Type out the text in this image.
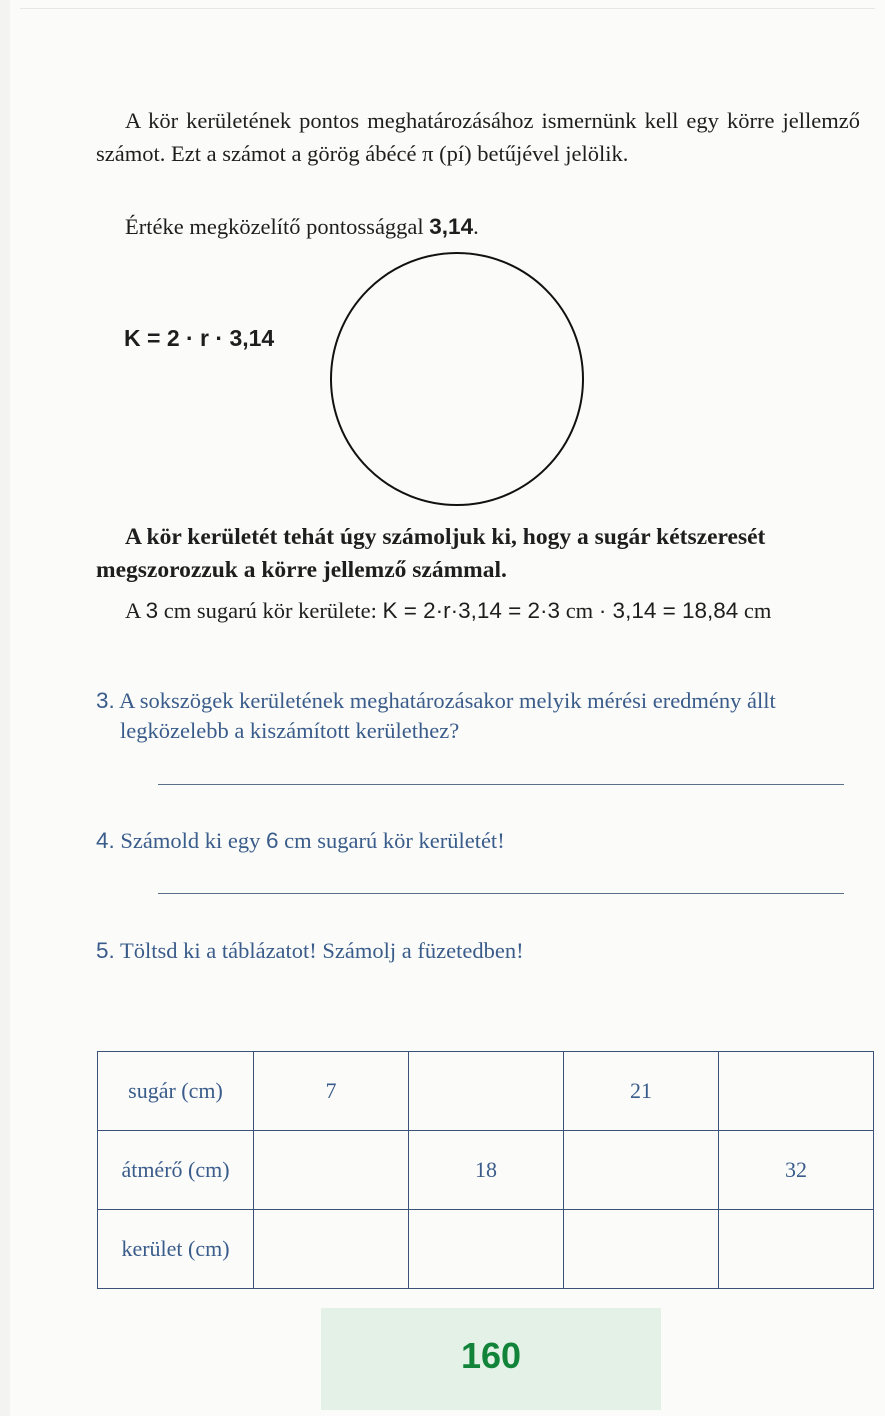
A kör kerületének pontos meghatározásához ismernünk kell egy körre jellemző számot. Ezt a számot a görög ábécé π (pí) betűjével jelölik.

Értéke megközelítő pontossággal 3,14.

K = 2 · r · 3,14

A kör kerületét tehát úgy számoljuk ki, hogy a sugár kétszeresét megszorozzuk a körre jellemző számmal.

A 3 cm sugarú kör kerülete: K = 2·r·3,14 = 2·3 cm · 3,14 = 18,84 cm
3. A sokszögek kerületének meghatározásakor melyik mérési eredmény állt
legközelebb a kiszámított kerülethez?
4. Számold ki egy 6 cm sugarú kör kerületét!
5. Töltsd ki a táblázatot! Számolj a füzetedben!
sugár (cm)	7		21	
átmérő (cm)		18		32
kerület (cm)				
160
